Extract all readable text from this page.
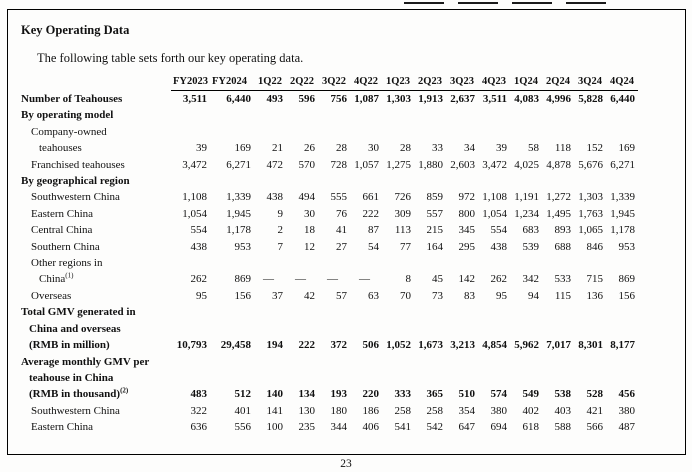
Key Operating Data

The following table sets forth our key operating data.

	FY2023	FY2024	1Q22	2Q22	3Q22	4Q22	1Q23	2Q23	3Q23	4Q23	1Q24	2Q24	3Q24	4Q24

Number of Teahouses	3,511	6,440	493	596	756	1,087	1,303	1,913	2,637	3,511	4,083	4,996	5,828	6,440

By operating model														

Company-owned
teahouses	39	169	21	26	28	30	28	33	34	39	58	118	152	169

Franchised teahouses	3,472	6,271	472	570	728	1,057	1,275	1,880	2,603	3,472	4,025	4,878	5,676	6,271

By geographical region														

Southwestern China	1,108	1,339	438	494	555	661	726	859	972	1,108	1,191	1,272	1,303	1,339

Eastern China	1,054	1,945	9	30	76	222	309	557	800	1,054	1,234	1,495	1,763	1,945

Central China	554	1,178	2	18	41	87	113	215	345	554	683	893	1,065	1,178

Southern China	438	953	7	12	27	54	77	164	295	438	539	688	846	953

Other regions in
China$^{(1)}$	262	869	—	—	—	—	8	45	142	262	342	533	715	869

Overseas	95	156	37	42	57	63	70	73	83	95	94	115	136	156

Total GMV generated in
China and overseas
(RMB in million)	10,793	29,458	194	222	372	506	1,052	1,673	3,213	4,854	5,962	7,017	8,301	8,177

Average monthly GMV per
teahouse in China
(RMB in thousand)$^{(2)}$	483	512	140	134	193	220	333	365	510	574	549	538	528	456

Southwestern China	322	401	141	130	180	186	258	258	354	380	402	403	421	380

Eastern China	636	556	100	235	344	406	541	542	647	694	618	588	566	487
23
